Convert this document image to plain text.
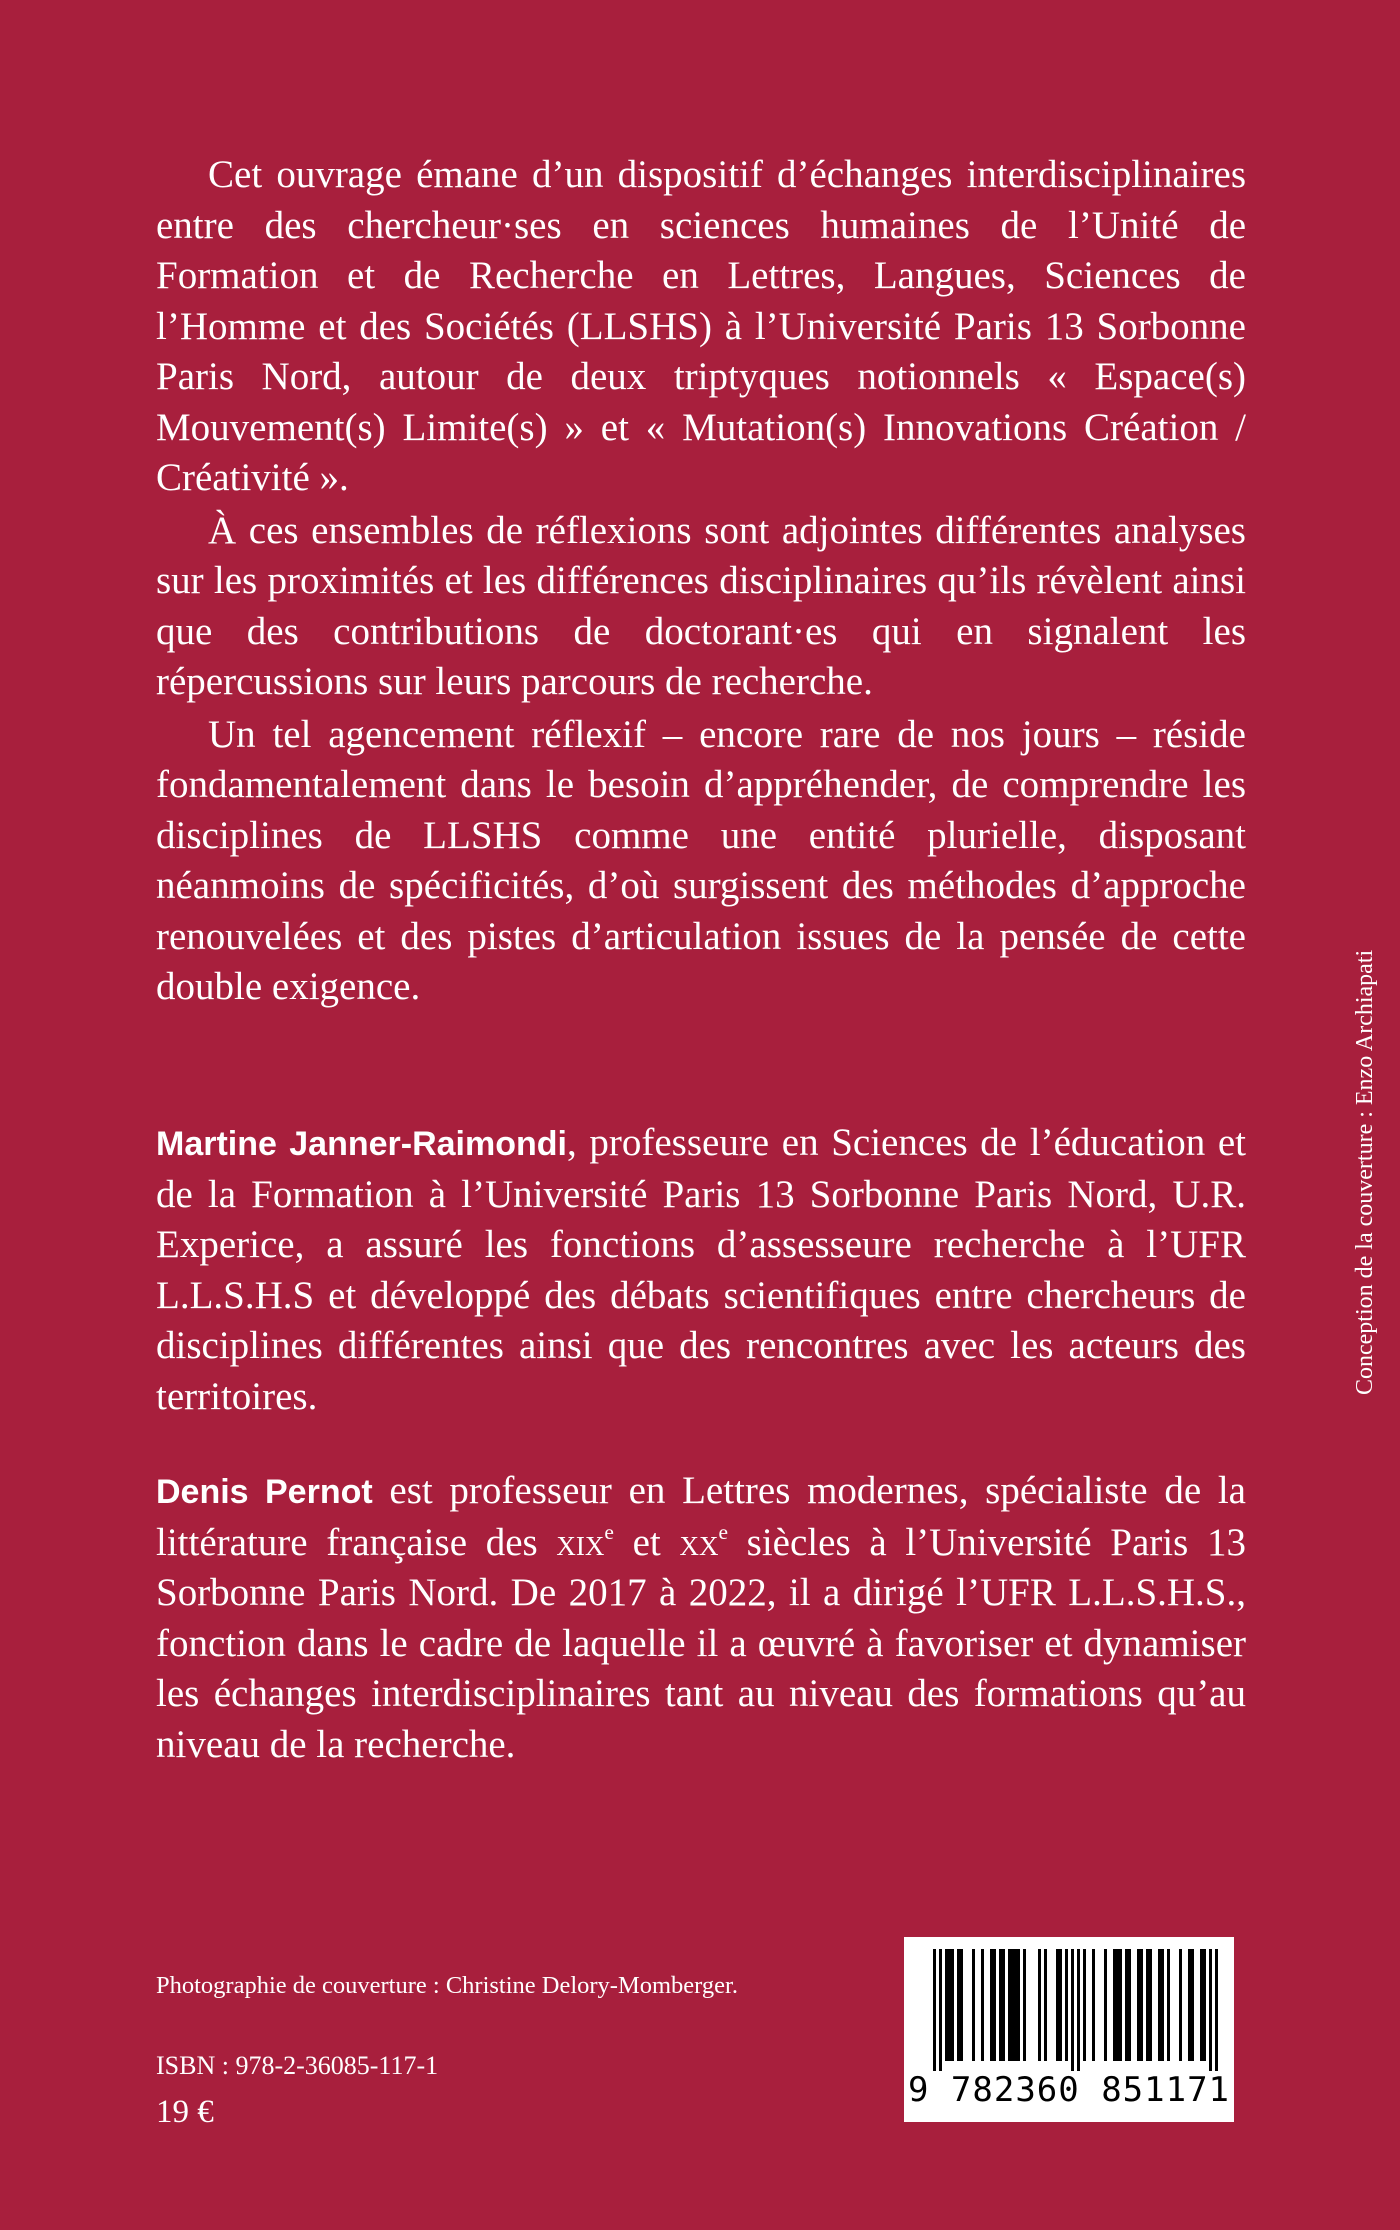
Cet ouvrage émane d’un dispositif d’échanges interdisciplinaires entre des chercheur·ses en sciences humaines de l’Unité de Formation et de Recherche en Lettres, Langues, Sciences de l’Homme et des Sociétés (LLSHS) à l’Université Paris 13 Sorbonne Paris Nord, autour de deux triptyques notionnels « Espace(s) Mouvement(s) Limite(s) » et « Mutation(s) Innovations Création / Créativité ».

À ces ensembles de réflexions sont adjointes différentes analyses sur les proximités et les différences disciplinaires qu’ils révèlent ainsi que des contributions de doctorant·es qui en signalent les répercussions sur leurs parcours de recherche.

Un tel agencement réflexif – encore rare de nos jours – réside fondamentalement dans le besoin d’appréhender, de comprendre les disciplines de LLSHS comme une entité plurielle, disposant néanmoins de spécificités, d’où surgissent des méthodes d’approche renouvelées et des pistes d’articulation issues de la pensée de cette double exigence.

Martine Janner-Raimondi, professeure en Sciences de l’éducation et de la Formation à l’Université Paris 13 Sorbonne Paris Nord, U.R. Experice, a assuré les fonctions d’assesseure recherche à l’UFR L.L.S.H.S et développé des débats scientifiques entre chercheurs de disciplines différentes ainsi que des rencontres avec les acteurs des territoires.

Denis Pernot est professeur en Lettres modernes, spécialiste de la littérature française des xix$^e$ et $xx^e$ siècles à l’Université Paris 13 Sorbonne Paris Nord. De 2017 à 2022, il a dirigé l’UFR L.L.S.H.S., fonction dans le cadre de laquelle il a œuvré à favoriser et dynamiser les échanges interdisciplinaires tant au niveau des formations qu’au niveau de la recherche.

Conception de la couverture : Enzo Archiapati
Photographie de couverture : Christine Delory-Momberger.
ISBN : 978-2-36085-117-1
19 €
9 782360 851171
